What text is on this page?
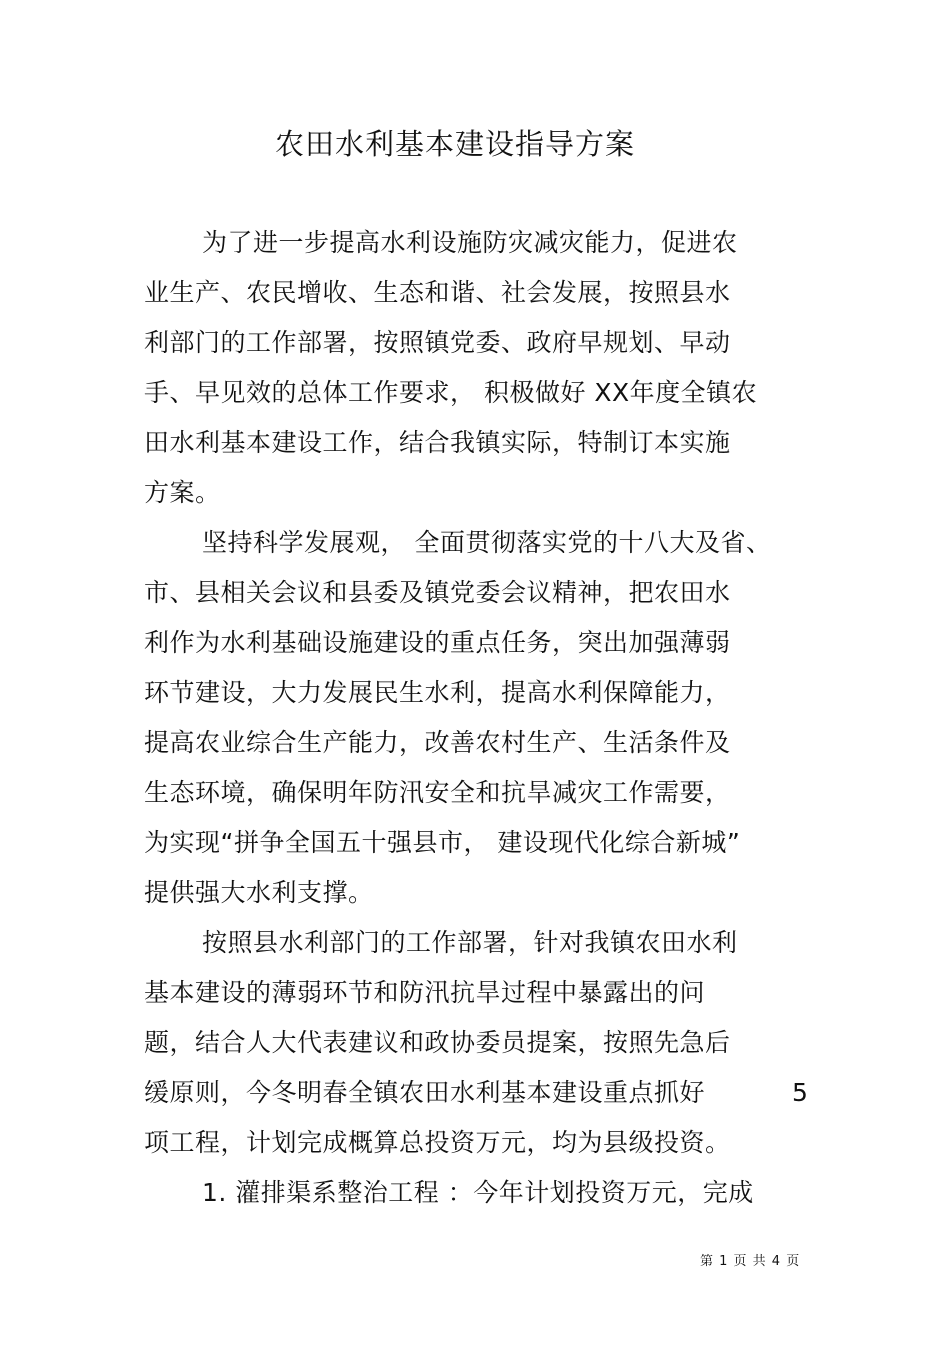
农田水利基本建设指导方案
为了进一步提高水利设施防灾减灾能力，促进农
业生产、农民增收、生态和谐、社会发展，按照县水
利部门的工作部署，按照镇党委、政府早规划、早动
手、早见效的总体工作要求， 积极做好 XX年度全镇农
田水利基本建设工作，结合我镇实际，特制订本实施
方案。
坚持科学发展观， 全面贯彻落实党的十八大及省、
市、县相关会议和县委及镇党委会议精神，把农田水
利作为水利基础设施建设的重点任务，突出加强薄弱
环节建设，大力发展民生水利，提高水利保障能力，
提高农业综合生产能力，改善农村生产、生活条件及
生态环境，确保明年防汛安全和抗旱减灾工作需要，
为实现“拼争全国五十强县市， 建设现代化综合新城”
提供强大水利支撑。
按照县水利部门的工作部署，针对我镇农田水利
基本建设的薄弱环节和防汛抗旱过程中暴露出的问
题，结合人大代表建议和政协委员提案，按照先急后
缓原则，今冬明春全镇农田水利基本建设重点抓好	5
项工程，计划完成概算总投资万元，均为县级投资。
1. 灌排渠系整治工程 ：今年计划投资万元，完成
第 1 页 共 4 页
